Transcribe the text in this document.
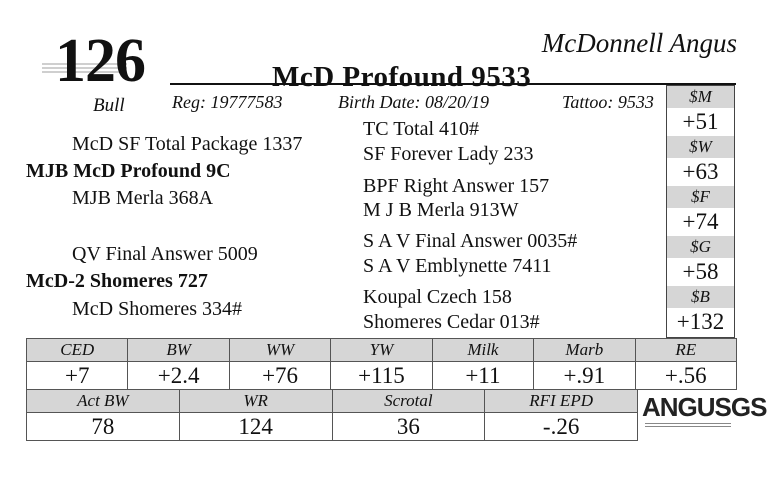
126
Bull
McDonnell Angus
McD Profound 9533
Reg: 19777583	Birth Date: 08/20/19	Tattoo: 9533
McD SF Total Package 1337
MJB McD Profound 9C
MJB Merla 368A
QV Final Answer 5009
McD-2 Shomeres 727
McD Shomeres 334#
TC Total 410#
SF Forever Lady 233
BPF Right Answer 157
M J B Merla 913W
S A V Final Answer 0035#
S A V Emblynette 7411
Koupal Czech 158
Shomeres Cedar 013#
$M
+51
$W
+63
$F
+74
$G
+58
$B
+132
CED	BW	WW	YW	Milk	Marb	RE
+7	+2.4	+76	+115	+11	+.91	+.56
Act BW	WR	Scrotal	RFI EPD
78	124	36	-.26
ANGUSGS
